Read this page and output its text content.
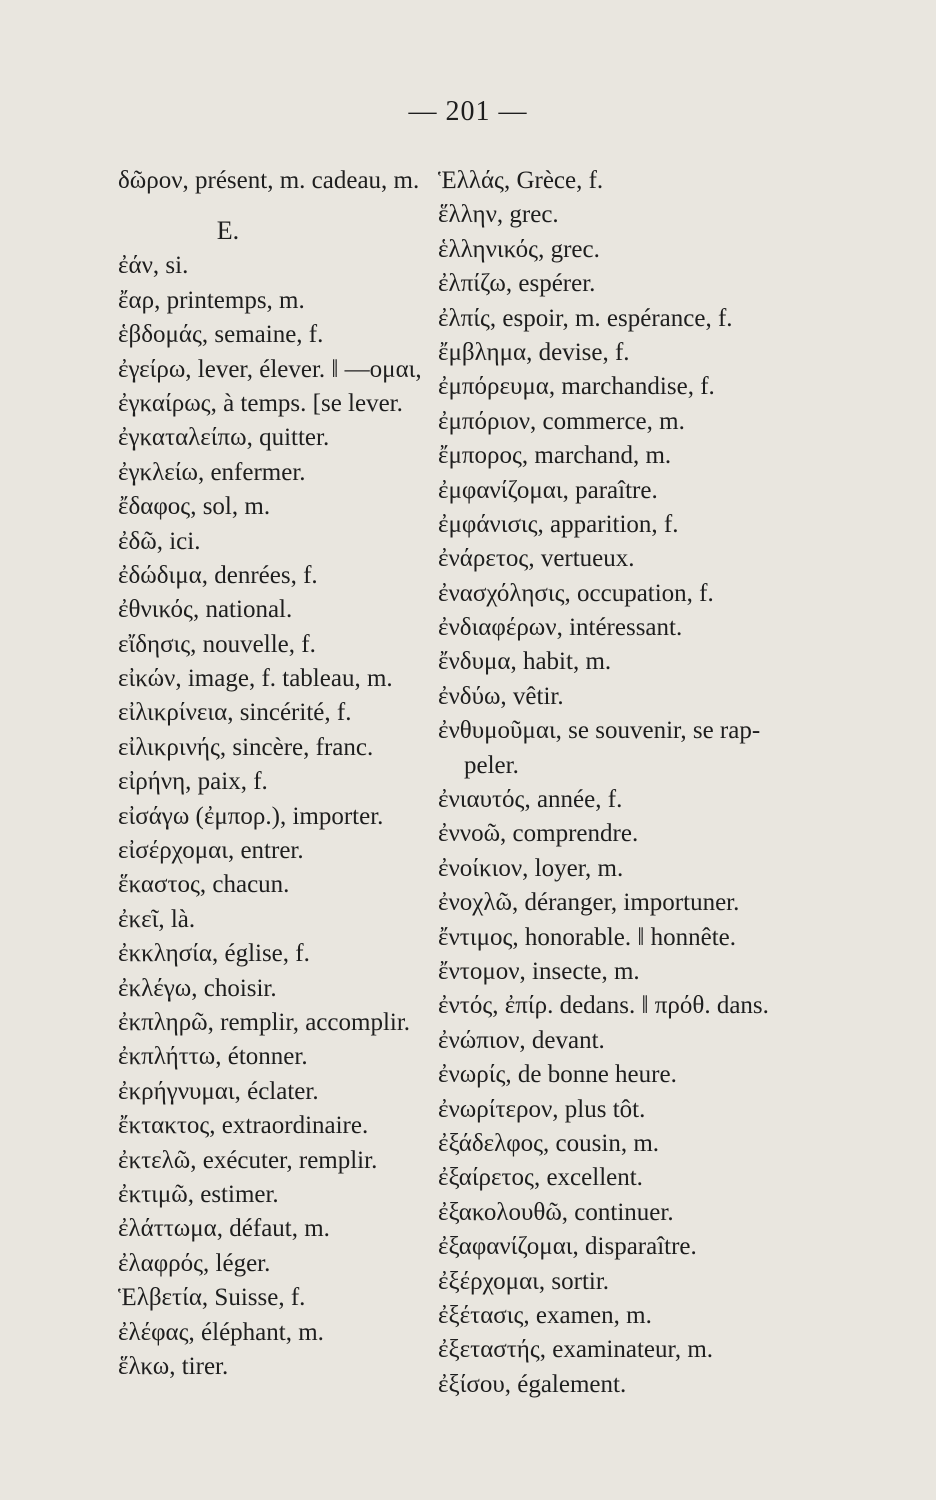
— 201 —
δῶρον, présent, m. cadeau, m.
E.
ἐάν, si.
ἔαρ, printemps, m.
ἑβδομάς, semaine, f.
ἐγείρω, lever, élever. ‖ —ομαι,
ἐγκαίρως, à temps. [se lever.
ἐγκαταλείπω, quitter.
ἐγκλείω, enfermer.
ἔδαφος, sol, m.
ἐδῶ, ici.
ἐδώδιμα, denrées, f.
ἐθνικός, national.
εἴδησις, nouvelle, f.
εἰκών, image, f. tableau, m.
εἰλικρίνεια, sincérité, f.
εἰλικρινής, sincère, franc.
εἰρήνη, paix, f.
εἰσάγω (ἐμπορ.), importer.
εἰσέρχομαι, entrer.
ἕκαστος, chacun.
ἐκεῖ, là.
ἐκκλησία, église, f.
ἐκλέγω, choisir.
ἐκπληρῶ, remplir, accomplir.
ἐκπλήττω, étonner.
ἐκρήγνυμαι, éclater.
ἔκτακτος, extraordinaire.
ἐκτελῶ, exécuter, remplir.
ἐκτιμῶ, estimer.
ἐλάττωμα, défaut, m.
ἐλαφρός, léger.
Ἑλβετία, Suisse, f.
ἐλέφας, éléphant, m.
ἕλκω, tirer.
Ἑλλάς, Grèce, f.
ἕλλην, grec.
ἑλληνικός, grec.
ἐλπίζω, espérer.
ἐλπίς, espoir, m. espérance, f.
ἔμβλημα, devise, f.
ἐμπόρευμα, marchandise, f.
ἐμπόριον, commerce, m.
ἔμπορος, marchand, m.
ἐμφανίζομαι, paraître.
ἐμφάνισις, apparition, f.
ἐνάρετος, vertueux.
ἐνασχόλησις, occupation, f.
ἐνδιαφέρων, intéressant.
ἔνδυμα, habit, m.
ἐνδύω, vêtir.
ἐνθυμοῦμαι, se souvenir, se rap-
peler.
ἐνιαυτός, année, f.
ἐννοῶ, comprendre.
ἐνοίκιον, loyer, m.
ἐνοχλῶ, déranger, importuner.
ἔντιμος, honorable. ‖ honnête.
ἔντομον, insecte, m.
ἐντός, ἐπίρ. dedans. ‖ πρόθ. dans.
ἐνώπιον, devant.
ἐνωρίς, de bonne heure.
ἐνωρίτερον, plus tôt.
ἐξάδελφος, cousin, m.
ἐξαίρετος, excellent.
ἐξακολουθῶ, continuer.
ἐξαφανίζομαι, disparaître.
ἐξέρχομαι, sortir.
ἐξέτασις, examen, m.
ἐξεταστής, examinateur, m.
ἐξίσου, également.
